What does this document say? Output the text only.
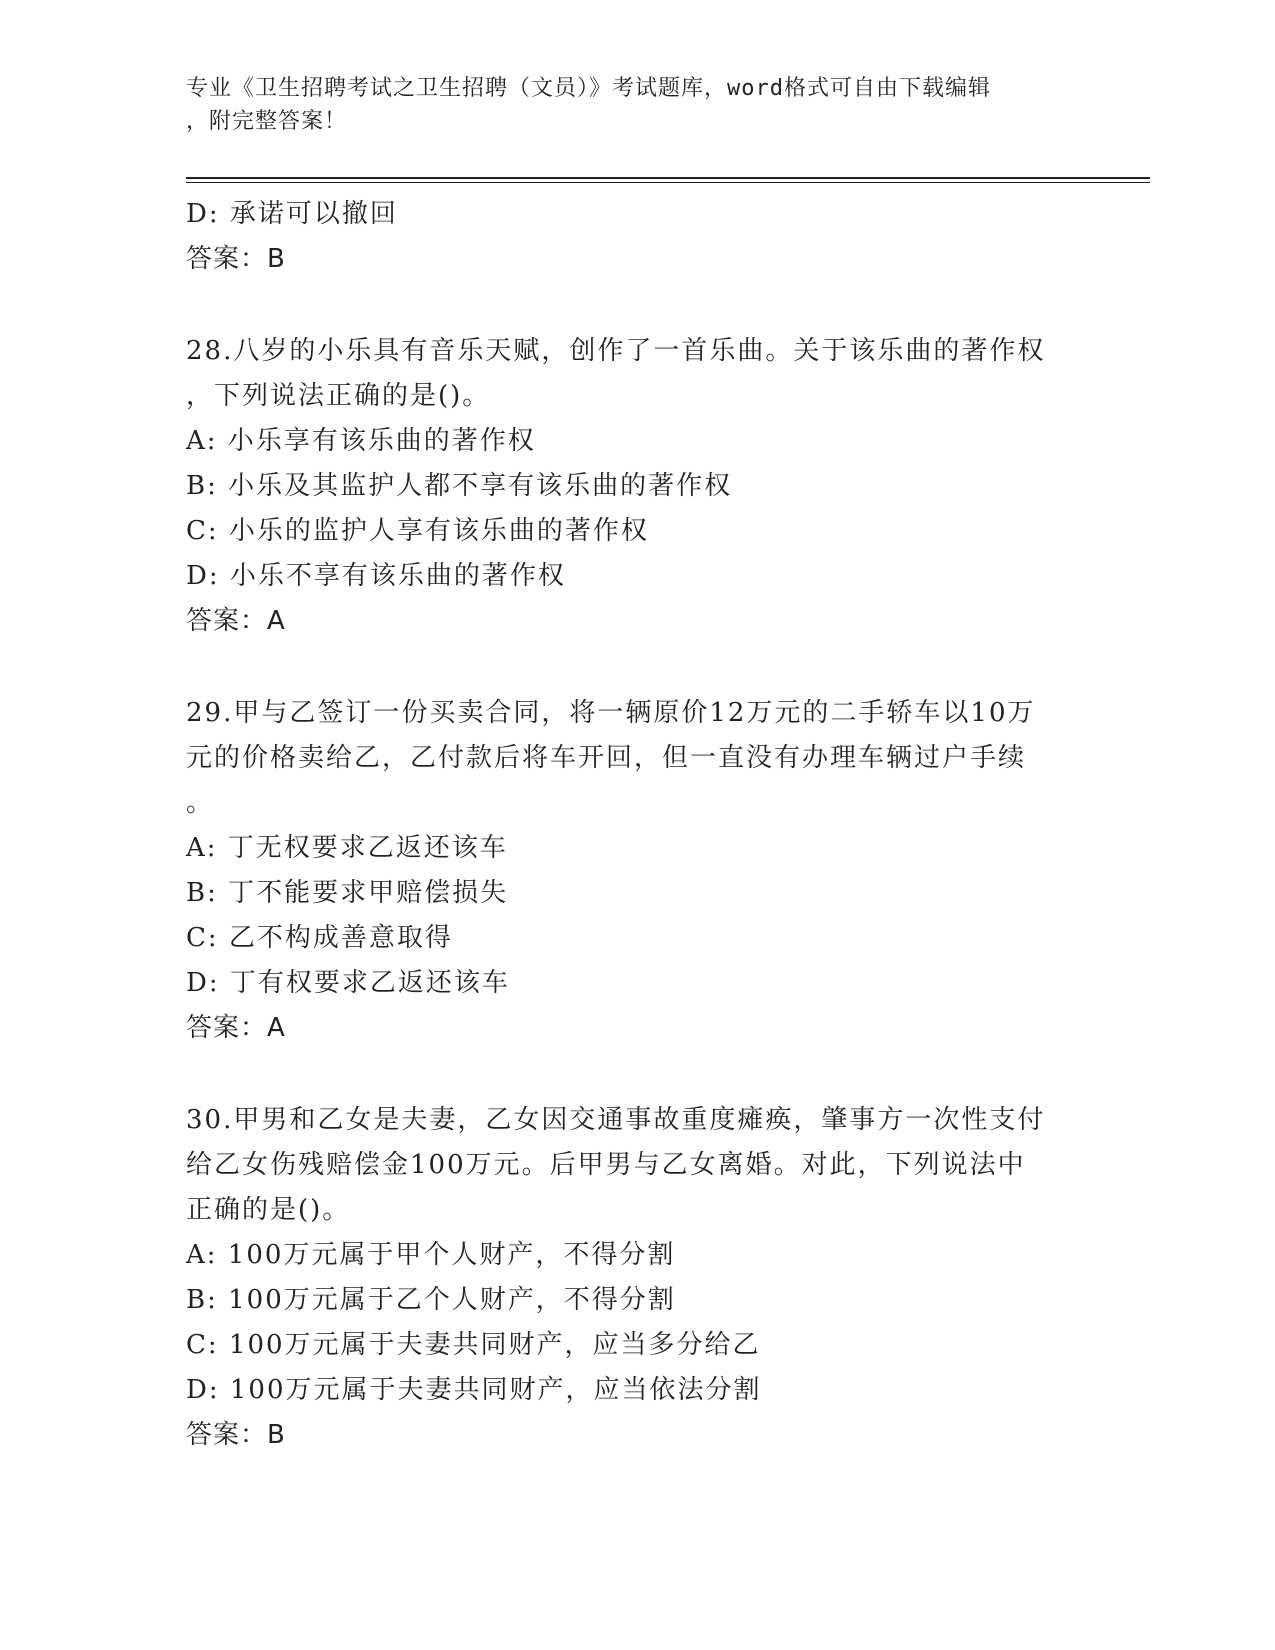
专业《卫生招聘考试之卫生招聘（文员）》考试题库，word格式可自由下载编辑
，附完整答案！
D: 承诺可以撤回
答案：B
28.八岁的小乐具有音乐天赋，创作了一首乐曲。关于该乐曲的著作权
，下列说法正确的是()。
A: 小乐享有该乐曲的著作权
B: 小乐及其监护人都不享有该乐曲的著作权
C: 小乐的监护人享有该乐曲的著作权
D: 小乐不享有该乐曲的著作权
答案：A
29.甲与乙签订一份买卖合同，将一辆原价12万元的二手轿车以10万
元的价格卖给乙，乙付款后将车开回，但一直没有办理车辆过户手续
。
A: 丁无权要求乙返还该车
B: 丁不能要求甲赔偿损失
C: 乙不构成善意取得
D: 丁有权要求乙返还该车
答案：A
30.甲男和乙女是夫妻，乙女因交通事故重度瘫痪，肇事方一次性支付
给乙女伤残赔偿金100万元。后甲男与乙女离婚。对此，下列说法中
正确的是()。
A: 100万元属于甲个人财产，不得分割
B: 100万元属于乙个人财产，不得分割
C: 100万元属于夫妻共同财产，应当多分给乙
D: 100万元属于夫妻共同财产，应当依法分割
答案：B
